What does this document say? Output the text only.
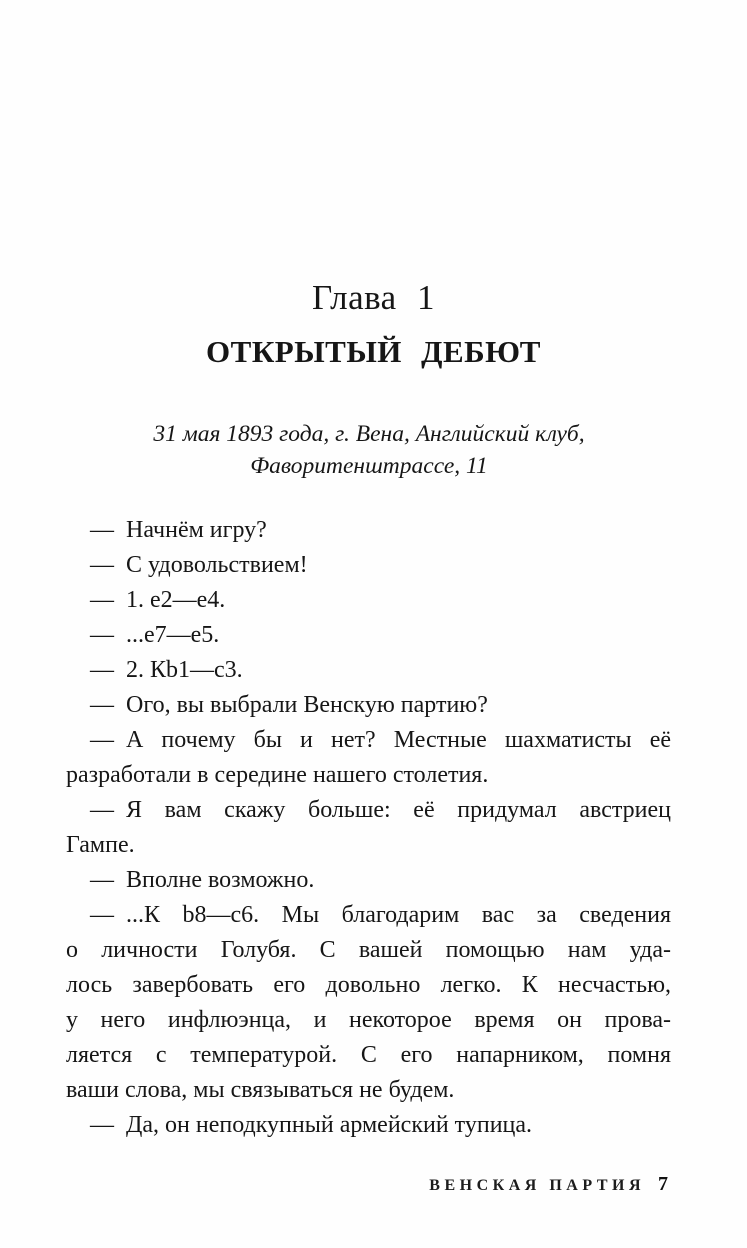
Глава 1
ОТКРЫТЫЙ ДЕБЮТ
31 мая 1893 года, г. Вена, Английский клуб,
Фаворитенштрассе, 11
— Начнём игру?
— С удовольствием!
— 1. е2—е4.
— ...е7—е5.
— 2. Кb1—с3.
— Ого, вы выбрали Венскую партию?
— А почему бы и нет? Местные шахматисты её
разработали в середине нашего столетия.
— Я вам скажу больше: её придумал австриец
Гампе.
— Вполне возможно.
— ...К b8—с6. Мы благодарим вас за сведения
о личности Голубя. С вашей помощью нам уда-
лось завербовать его довольно легко. К несчастью,
у него инфлюэнца, и некоторое время он прова-
ляется с температурой. С его напарником, помня
ваши слова, мы связываться не будем.
— Да, он неподкупный армейский тупица.
ВЕНСКАЯ ПАРТИЯ 7
